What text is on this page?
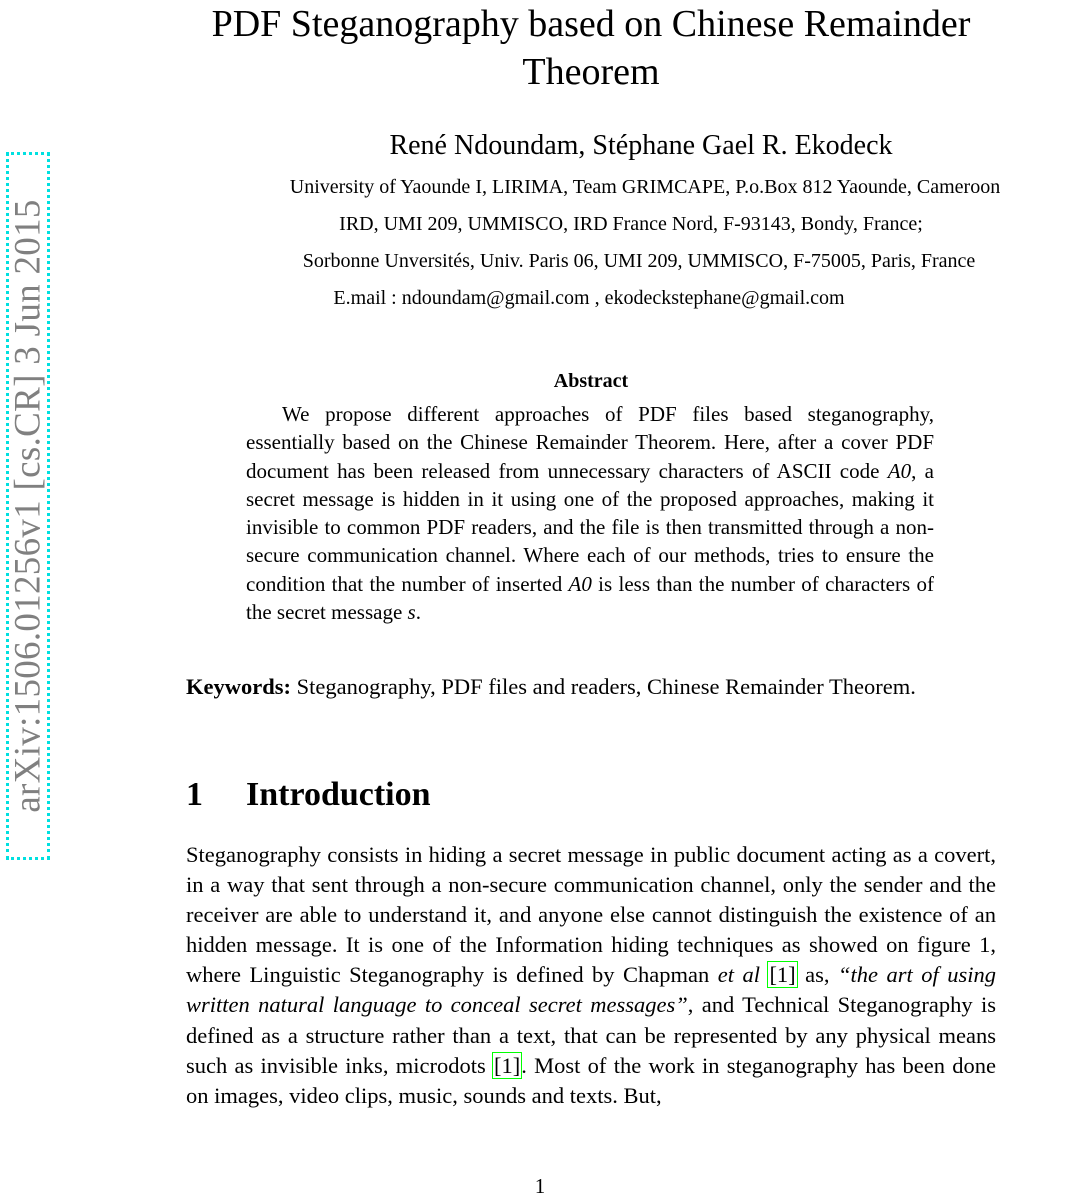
arXiv:1506.01256v1 [cs.CR] 3 Jun 2015
PDF Steganography based on Chinese Remainder Theorem
René Ndoundam, Stéphane Gael R. Ekodeck
University of Yaounde I, LIRIMA, Team GRIMCAPE, P.o.Box 812 Yaounde, Cameroon
IRD, UMI 209, UMMISCO, IRD France Nord, F-93143, Bondy, France;
Sorbonne Unversités, Univ. Paris 06, UMI 209, UMMISCO, F-75005, Paris, France
E.mail : ndoundam@gmail.com , ekodeckstephane@gmail.com
Abstract

We propose different approaches of PDF files based steganography, essentially based on the Chinese Remainder Theorem. Here, after a cover PDF document has been released from unnecessary characters of ASCII code A0, a secret message is hidden in it using one of the proposed approaches, making it invisible to common PDF readers, and the file is then transmitted through a non-secure communication channel. Where each of our methods, tries to ensure the condition that the number of inserted A0 is less than the number of characters of the secret message s.

Keywords: Steganography, PDF files and readers, Chinese Remainder Theorem.

1 Introduction

Steganography consists in hiding a secret message in public document acting as a covert, in a way that sent through a non-secure communication channel, only the sender and the receiver are able to understand it, and anyone else cannot distinguish the existence of an hidden message. It is one of the Information hiding techniques as showed on figure 1, where Linguistic Steganography is defined by Chapman et al [1] as, “the art of using written natural language to conceal secret messages”, and Technical Steganography is defined as a structure rather than a text, that can be represented by any physical means such as invisible inks, microdots [1]. Most of the work in steganography has been done on images, video clips, music, sounds and texts. But,

1
